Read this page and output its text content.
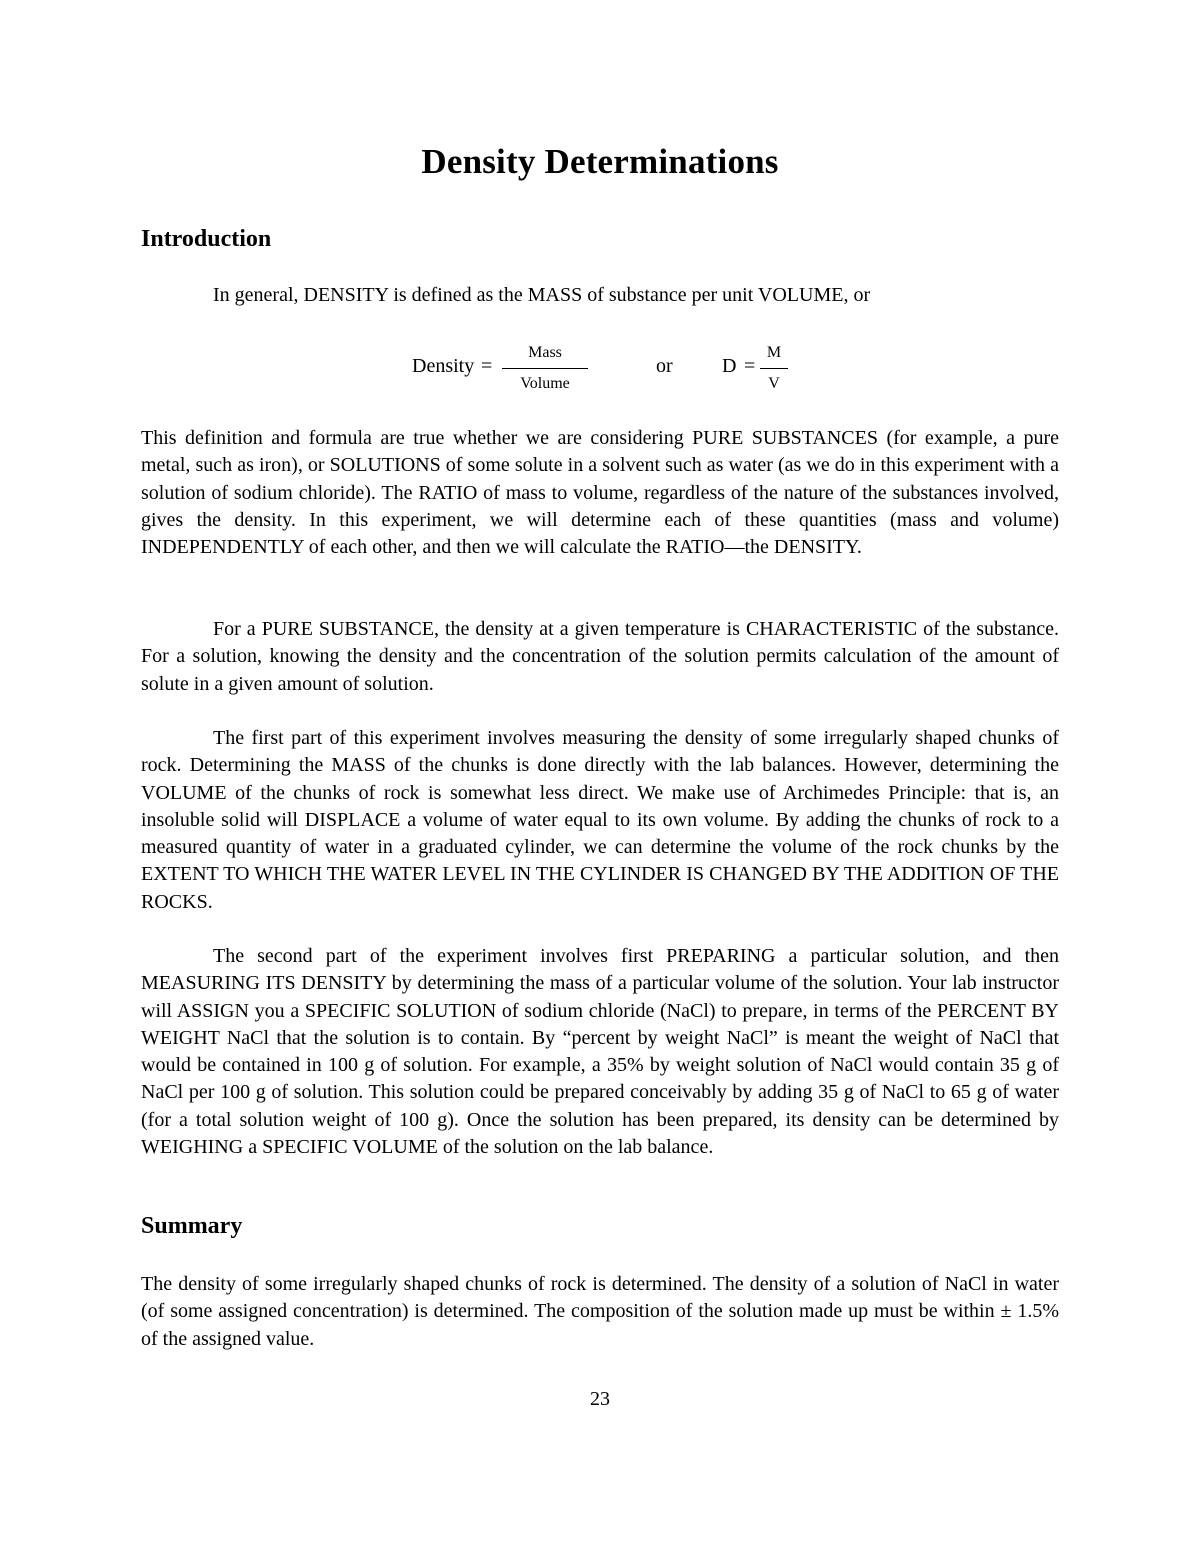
Density Determinations
Introduction
In general, DENSITY is defined as the MASS of substance per unit VOLUME, or
Density =
Mass
Volume
or D =
M
V

This definition and formula are true whether we are considering PURE SUBSTANCES (for example, a pure metal, such as iron), or SOLUTIONS of some solute in a solvent such as water (as we do in this experiment with a solution of sodium chloride). The RATIO of mass to volume, regardless of the nature of the substances involved, gives the density. In this experiment, we will determine each of these quantities (mass and volume) INDEPENDENTLY of each other, and then we will calculate the RATIO—the DENSITY.

For a PURE SUBSTANCE, the density at a given temperature is CHARACTERISTIC of the substance. For a solution, knowing the density and the concentration of the solution permits calculation of the amount of solute in a given amount of solution.

The first part of this experiment involves measuring the density of some irregularly shaped chunks of rock. Determining the MASS of the chunks is done directly with the lab balances. However, determining the VOLUME of the chunks of rock is somewhat less direct. We make use of Archimedes Principle: that is, an insoluble solid will DISPLACE a volume of water equal to its own volume. By adding the chunks of rock to a measured quantity of water in a graduated cylinder, we can determine the volume of the rock chunks by the EXTENT TO WHICH THE WATER LEVEL IN THE CYLINDER IS CHANGED BY THE ADDITION OF THE ROCKS.

The second part of the experiment involves first PREPARING a particular solution, and then MEASURING ITS DENSITY by determining the mass of a particular volume of the solution. Your lab instructor will ASSIGN you a SPECIFIC SOLUTION of sodium chloride (NaCl) to prepare, in terms of the PERCENT BY WEIGHT NaCl that the solution is to contain. By “percent by weight NaCl” is meant the weight of NaCl that would be contained in 100 g of solution. For example, a 35% by weight solution of NaCl would contain 35 g of NaCl per 100 g of solution. This solution could be prepared conceivably by adding 35 g of NaCl to 65 g of water (for a total solution weight of 100 g). Once the solution has been prepared, its density can be determined by WEIGHING a SPECIFIC VOLUME of the solution on the lab balance.

Summary

The density of some irregularly shaped chunks of rock is determined. The density of a solution of NaCl in water (of some assigned concentration) is determined. The composition of the solution made up must be within ± 1.5% of the assigned value.

23
